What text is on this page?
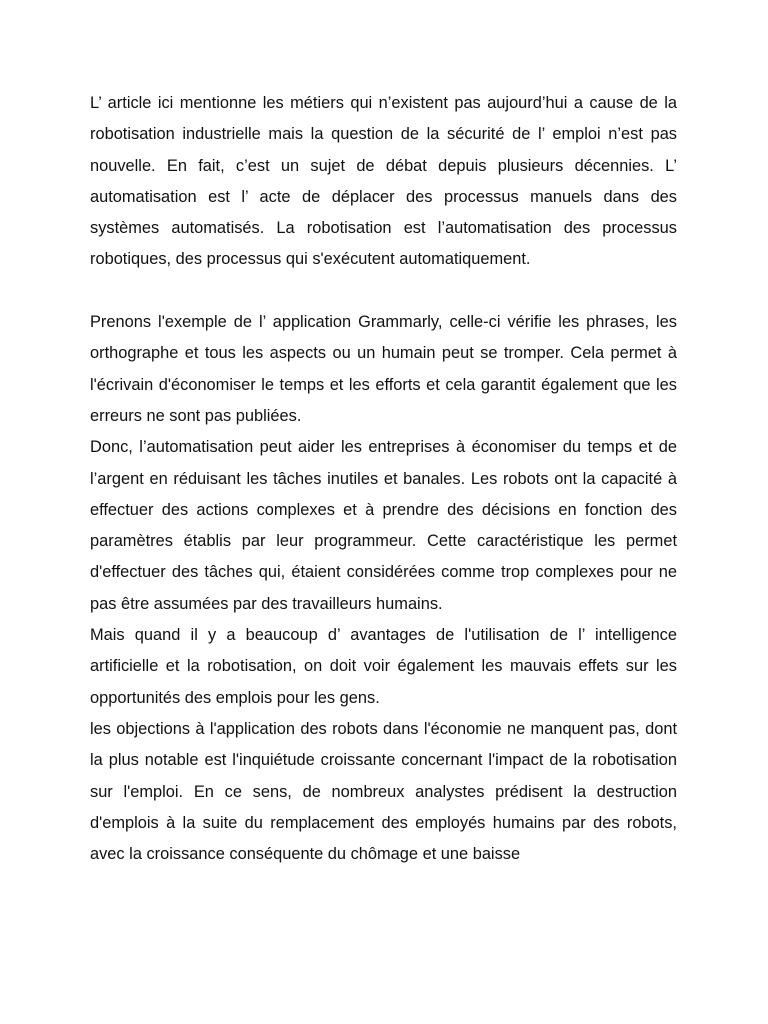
L’ article ici mentionne les métiers qui n’existent pas aujourd’hui a cause de la robotisation industrielle mais la question de la sécurité de l’ emploi n’est pas nouvelle. En fait, c’est un sujet de débat depuis plusieurs décennies. L’ automatisation est l’ acte de déplacer des processus manuels dans des systèmes automatisés. La robotisation est l’automatisation des processus robotiques, des processus qui s'exécutent automatiquement.

Prenons l'exemple de l’ application Grammarly, celle-ci vérifie les phrases, les orthographe et tous les aspects ou un humain peut se tromper. Cela permet à l'écrivain d'économiser le temps et les efforts et cela garantit également que les erreurs ne sont pas publiées.

Donc, l’automatisation peut aider les entreprises à économiser du temps et de l’argent en réduisant les tâches inutiles et banales. Les robots ont la capacité à effectuer des actions complexes et à prendre des décisions en fonction des paramètres établis par leur programmeur. Cette caractéristique les permet d'effectuer des tâches qui, étaient considérées comme trop complexes pour ne pas être assumées par des travailleurs humains.

Mais quand il y a beaucoup d’ avantages de l'utilisation de l’ intelligence artificielle et la robotisation, on doit voir également les mauvais effets sur les opportunités des emplois pour les gens.

les objections à l'application des robots dans l'économie ne manquent pas, dont la plus notable est l'inquiétude croissante concernant l'impact de la robotisation sur l'emploi. En ce sens, de nombreux analystes prédisent la destruction d'emplois à la suite du remplacement des employés humains par des robots, avec la croissance conséquente du chômage et une baisse
